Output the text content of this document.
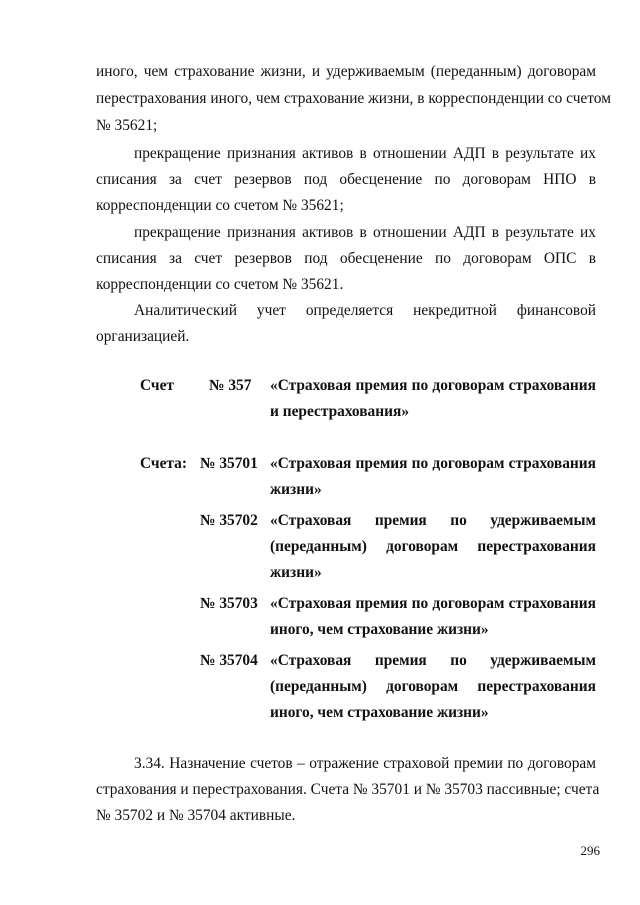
иного, чем страхование жизни, и удерживаемым (переданным) договорам
перестрахования иного, чем страхование жизни, в корреспонденции со счетом
№ 35621;
прекращение признания активов в отношении АДП в результате их
списания за счет резервов под обесценение по договорам НПО в
корреспонденции со счетом № 35621;
прекращение признания активов в отношении АДП в результате их
списания за счет резервов под обесценение по договорам ОПС в
корреспонденции со счетом № 35621.
Аналитический учет определяется некредитной финансовой
организацией.
Счет № 357 «Страховая премия по договорам страхования
и перестрахования»
Счета: № 35701 «Страховая премия по договорам страхования
жизни»
№ 35702 «Страховая премия по удерживаемым
(переданным) договорам перестрахования
жизни»
№ 35703 «Страховая премия по договорам страхования
иного, чем страхование жизни»
№ 35704 «Страховая премия по удерживаемым
(переданным) договорам перестрахования
иного, чем страхование жизни»
3.34. Назначение счетов – отражение страховой премии по договорам
страхования и перестрахования. Счета № 35701 и № 35703 пассивные; счета
№ 35702 и № 35704 активные.
296
